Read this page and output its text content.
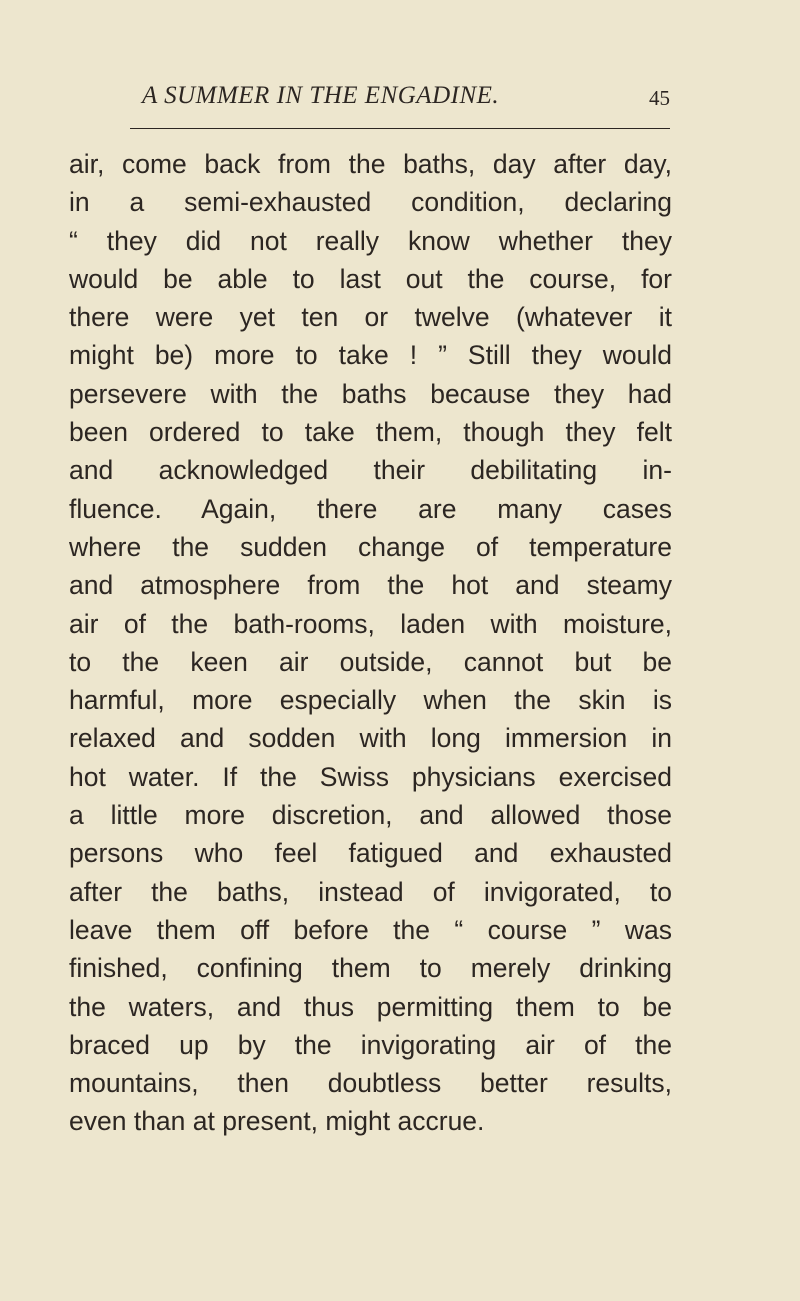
A SUMMER IN THE ENGADINE.	45
air, come back from the baths, day after day,
in a semi-exhausted condition, declaring
“ they did not really know whether they
would be able to last out the course, for
there were yet ten or twelve (whatever it
might be) more to take ! ” Still they would
persevere with the baths because they had
been ordered to take them, though they felt
and acknowledged their debilitating in-
fluence. Again, there are many cases
where the sudden change of temperature
and atmosphere from the hot and steamy
air of the bath-rooms, laden with moisture,
to the keen air outside, cannot but be
harmful, more especially when the skin is
relaxed and sodden with long immersion in
hot water. If the Swiss physicians exercised
a little more discretion, and allowed those
persons who feel fatigued and exhausted
after the baths, instead of invigorated, to
leave them off before the “ course ” was
finished, confining them to merely drinking
the waters, and thus permitting them to be
braced up by the invigorating air of the
mountains, then doubtless better results,
even than at present, might accrue.
